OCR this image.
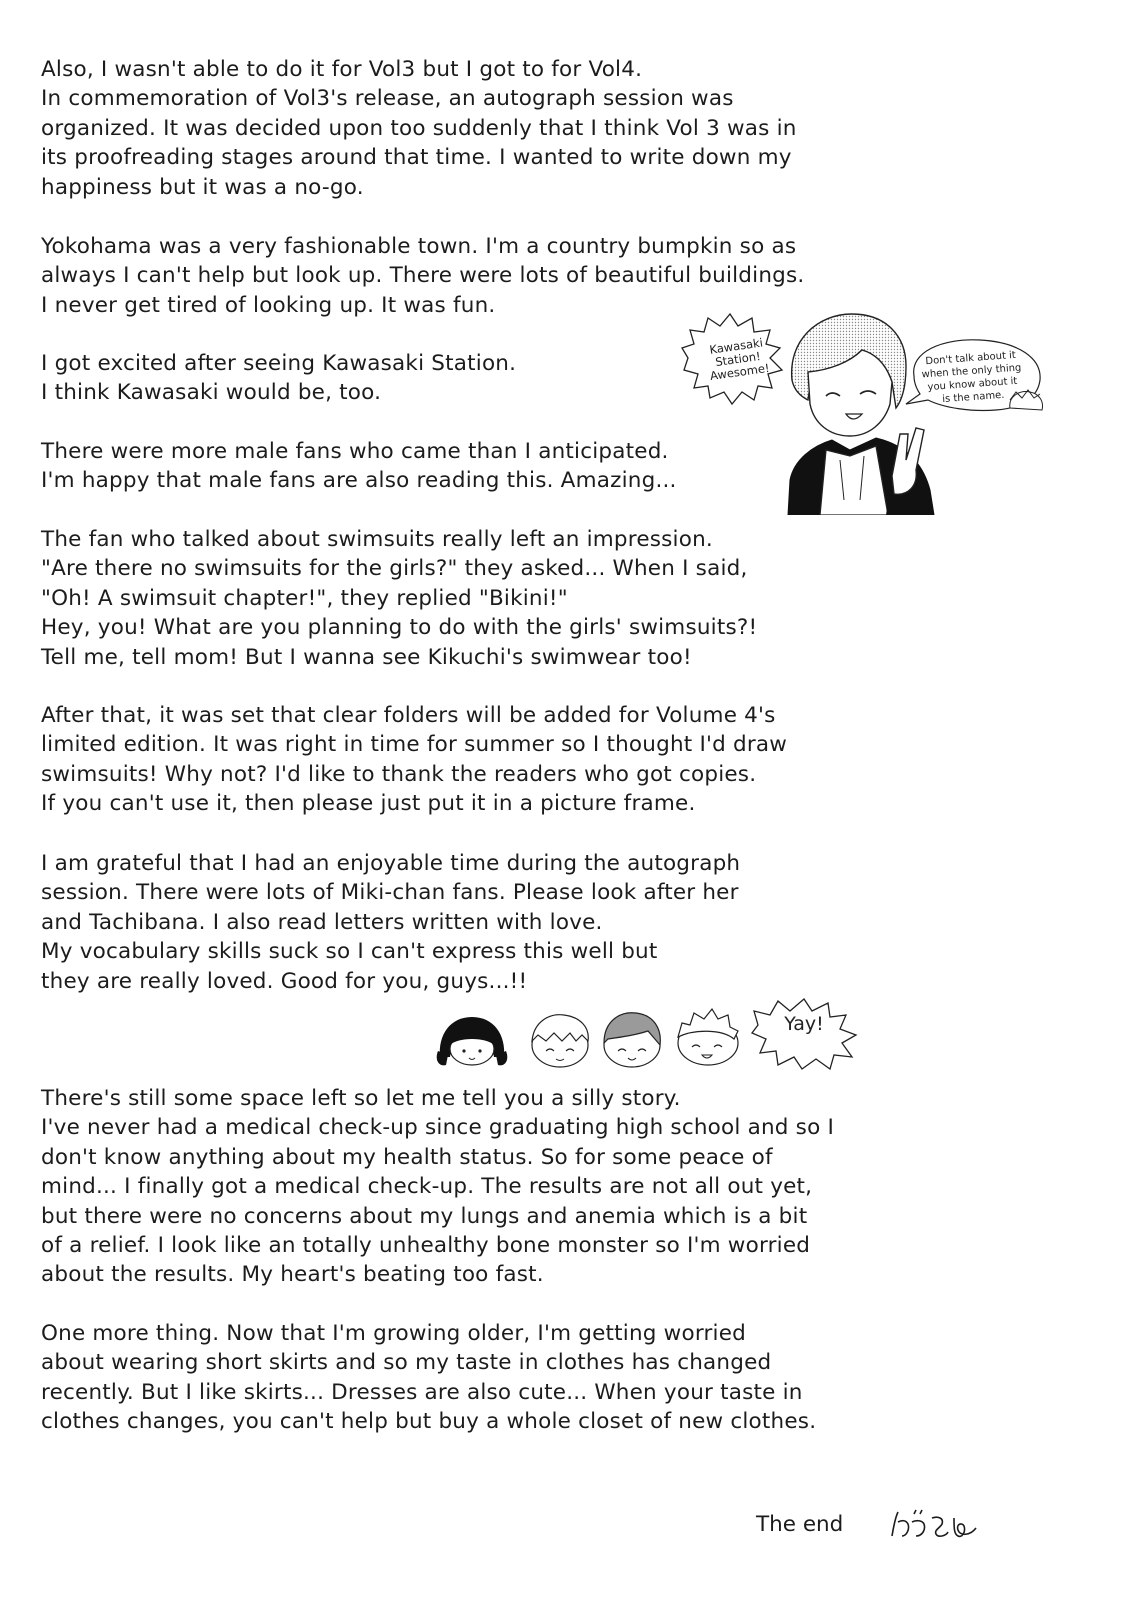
Also, I wasn't able to do it for Vol3 but I got to for Vol4.
In commemoration of Vol3's release, an autograph session was
organized. It was decided upon too suddenly that I think Vol 3 was in
its proofreading stages around that time. I wanted to write down my
happiness but it was a no-go.
Yokohama was a very fashionable town. I'm a country bumpkin so as
always I can't help but look up. There were lots of beautiful buildings.
I never get tired of looking up. It was fun.
I got excited after seeing Kawasaki Station.
I think Kawasaki would be, too.
There were more male fans who came than I anticipated.
I'm happy that male fans are also reading this. Amazing...
The fan who talked about swimsuits really left an impression.
"Are there no swimsuits for the girls?" they asked... When I said,
"Oh! A swimsuit chapter!", they replied "Bikini!"
Hey, you! What are you planning to do with the girls' swimsuits?!
Tell me, tell mom! But I wanna see Kikuchi's swimwear too!
After that, it was set that clear folders will be added for Volume 4's
limited edition. It was right in time for summer so I thought I'd draw
swimsuits! Why not? I'd like to thank the readers who got copies.
If you can't use it, then please just put it in a picture frame.
I am grateful that I had an enjoyable time during the autograph
session. There were lots of Miki-chan fans. Please look after her
and Tachibana. I also read letters written with love.
My vocabulary skills suck so I can't express this well but
they are really loved. Good for you, guys...!!
Kawasaki
Station!
Awesome!
Don't talk about it
when the only thing
you know about it
is the name.
Yay!
There's still some space left so let me tell you a silly story.
I've never had a medical check-up since graduating high school and so I
don't know anything about my health status. So for some peace of
mind... I finally got a medical check-up. The results are not all out yet,
but there were no concerns about my lungs and anemia which is a bit
of a relief. I look like an totally unhealthy bone monster so I'm worried
about the results. My heart's beating too fast.
One more thing. Now that I'm growing older, I'm getting worried
about wearing short skirts and so my taste in clothes has changed
recently. But I like skirts... Dresses are also cute... When your taste in
clothes changes, you can't help but buy a whole closet of new clothes.
The end
